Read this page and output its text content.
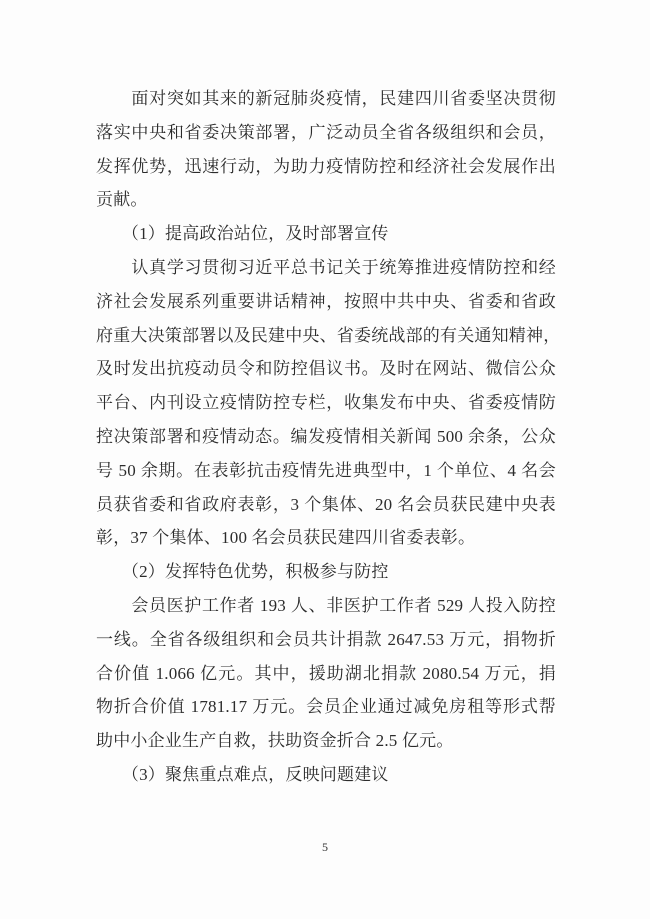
　　面对突如其来的新冠肺炎疫情，民建四川省委坚决贯彻

落实中央和省委决策部署，广泛动员全省各级组织和会员，

发挥优势，迅速行动，为助力疫情防控和经济社会发展作出

贡献。

　　（1）提高政治站位，及时部署宣传

　　认真学习贯彻习近平总书记关于统筹推进疫情防控和经

济社会发展系列重要讲话精神，按照中共中央、省委和省政

府重大决策部署以及民建中央、省委统战部的有关通知精神，

及时发出抗疫动员令和防控倡议书。及时在网站、微信公众

平台、内刊设立疫情防控专栏，收集发布中央、省委疫情防

控决策部署和疫情动态。编发疫情相关新闻 500 余条，公众

号 50 余期。在表彰抗击疫情先进典型中，1 个单位、4 名会

员获省委和省政府表彰，3 个集体、20 名会员获民建中央表

彰，37 个集体、100 名会员获民建四川省委表彰。

　　（2）发挥特色优势，积极参与防控

　　会员医护工作者 193 人、非医护工作者 529 人投入防控

一线。全省各级组织和会员共计捐款 2647.53 万元，捐物折

合价值 1.066 亿元。其中，援助湖北捐款 2080.54 万元，捐

物折合价值 1781.17 万元。会员企业通过减免房租等形式帮

助中小企业生产自救，扶助资金折合 2.5 亿元。

　　（3）聚焦重点难点，反映问题建议

5
